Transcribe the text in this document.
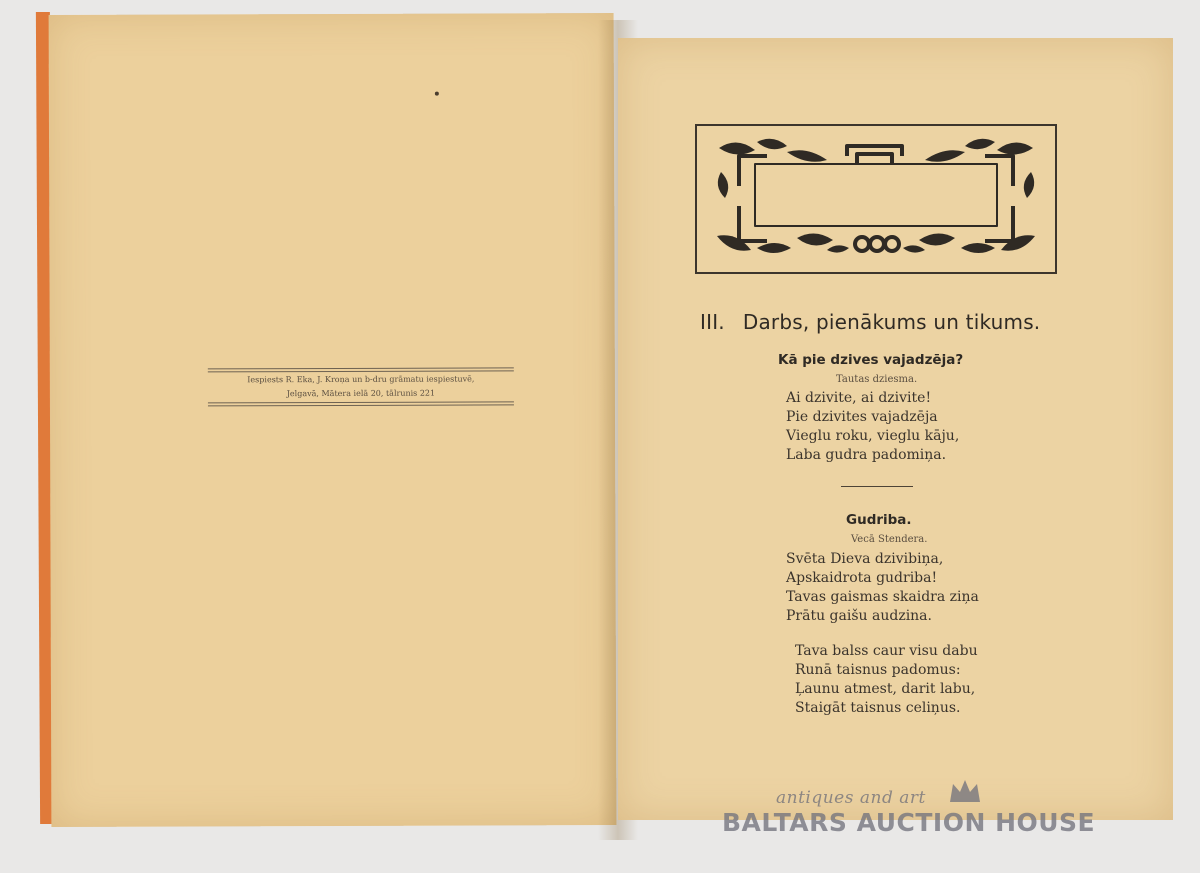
Iespiests R. Eka, J. Kroņa un b-dru grāmatu iespiestuvē,

Jelgavā, Mātera ielā 20, tālrunis 221

III. Darbs, pienākums un tikums.
Kā pie dzives vajadzēja?
Tautas dziesma.
Ai dzivite, ai dzivite!
Pie dzivites vajadzēja
Vieglu roku, vieglu kāju,
Laba gudra padomiņa.
Gudriba.
Vecā Stendera.
Svēta Dieva dzivibiņa,
Apskaidrota gudriba!
Tavas gaismas skaidra ziņa
Prātu gaišu audzina.
Tava balss caur visu dabu
Runā taisnus padomus:
Ļaunu atmest, darit labu,
Staigāt taisnus celiņus.
antiques and art
BALTARS AUCTION HOUSE
